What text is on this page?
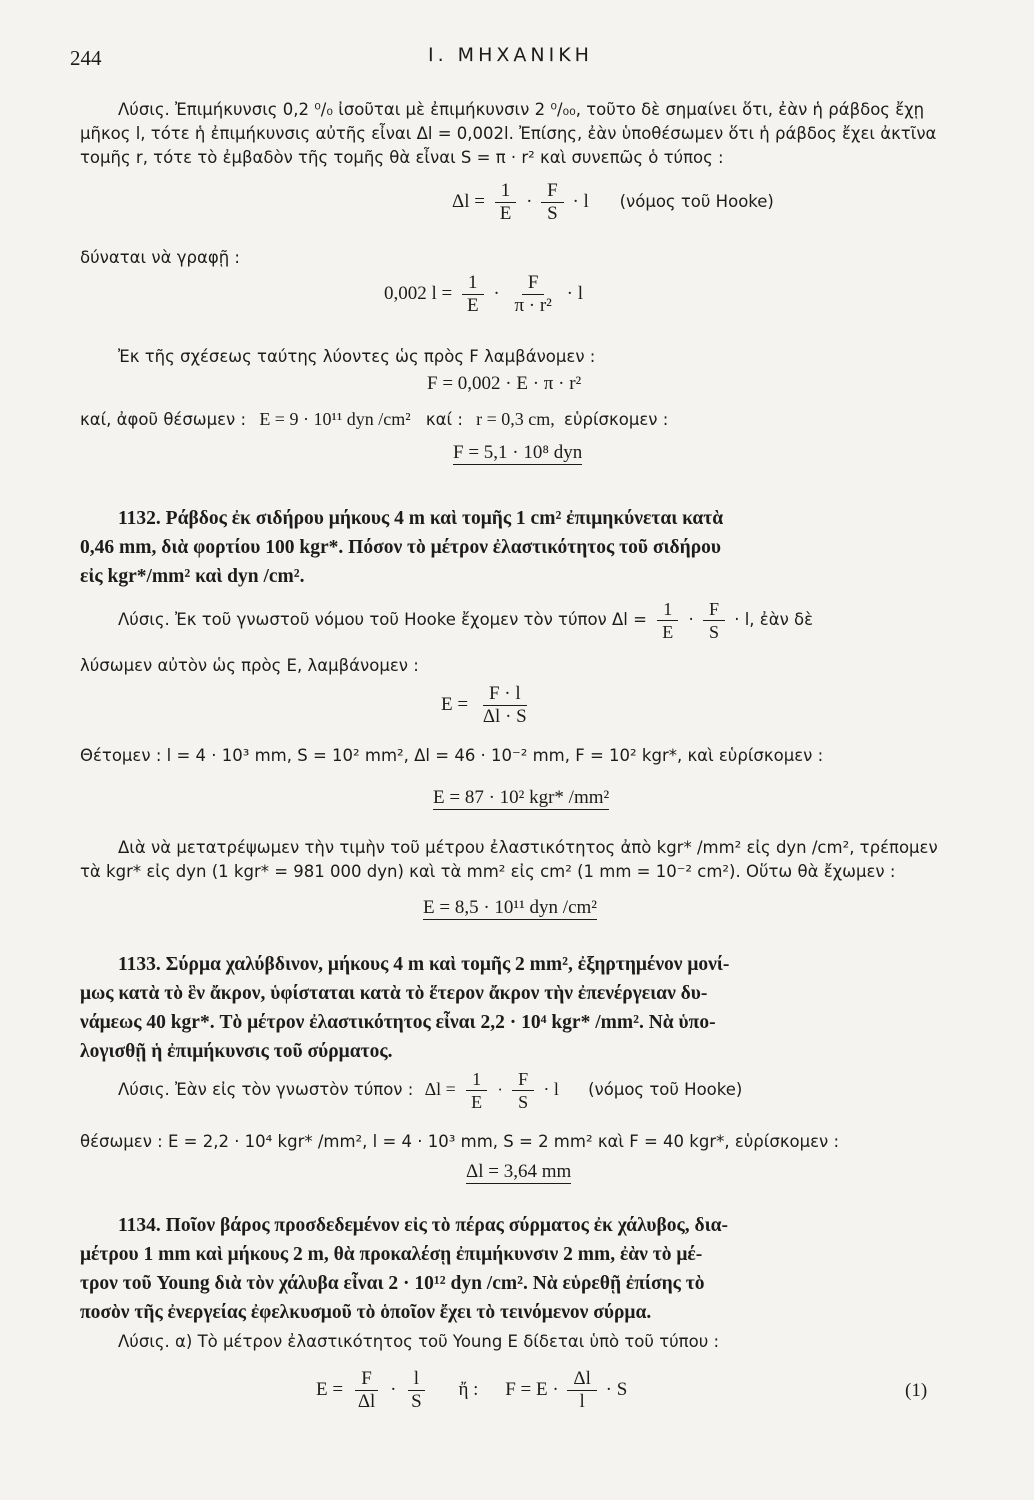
244	Ι. ΜΗΧΑΝΙΚΗ
Λύσις. Ἐπιμήκυνσις 0,2 ⁰/₀ ἰσοῦται μὲ ἐπιμήκυνσιν 2 ⁰/₀₀, τοῦτο δὲ σημαίνει ὅτι, ἐὰν ἡ ράβδος ἔχῃ
μῆκος l, τότε ἡ ἐπιμήκυνσις αὐτῆς εἶναι Δl = 0,002l. Ἐπίσης, ἐὰν ὑποθέσωμεν ὅτι ἡ ράβδος ἔχει ἀκτῖνα
τομῆς r, τότε τὸ ἐμβαδὸν τῆς τομῆς θὰ εἶναι S = π · r² καὶ συνεπῶς ὁ τύπος :
$\Delta l = \frac{1}{E} \cdot \frac{F}{S} \cdot l$ (νόμος τοῦ Hooke)
δύναται νὰ γραφῇ :
0,002 $l = \frac{1}{E} \cdot \frac{F}{\text{π · r²}} \cdot l$
Ἐκ τῆς σχέσεως ταύτης λύοντες ὡς πρὸς F λαμβάνομεν :
F = 0,002 · E · π · r²
καί, ἀφοῦ θέσωμεν : E = 9 · 10¹¹ dyn /cm² καί : r = 0,3 cm, εὑρίσκομεν :
F = 5,1 · 10⁸ dyn
1132. Ράβδος ἐκ σιδήρου μήκους 4 m καὶ τομῆς 1 cm² ἐπιμηκύνεται κατὰ
0,46 mm, διὰ φορτίου 100 kgr*. Πόσον τὸ μέτρον ἐλαστικότητος τοῦ σιδήρου
εἰς kgr*/mm² καὶ dyn /cm².
Λύσις. Ἐκ τοῦ γνωστοῦ νόμου τοῦ Hooke ἔχομεν τὸν τύπον $\Delta l = \frac{1}{E} \cdot \frac{F}{S} \cdot l$, ἐὰν δὲ
λύσωμεν αὐτὸν ὡς πρὸς E, λαμβάνομεν :
$E = \frac{F \cdot l}{\Delta l \cdot S}$
Θέτομεν : l = 4 · 10³ mm, S = 10² mm², Δl = 46 · 10⁻² mm, F = 10² kgr*, καὶ εὑρίσκομεν :
E = 87 · 10² kgr* /mm²
Διὰ νὰ μετατρέψωμεν τὴν τιμὴν τοῦ μέτρου ἐλαστικότητος ἀπὸ kgr* /mm² εἰς dyn /cm², τρέπομεν
τὰ kgr* εἰς dyn (1 kgr* = 981 000 dyn) καὶ τὰ mm² εἰς cm² (1 mm = 10⁻² cm²). Οὕτω θὰ ἔχωμεν :
E = 8,5 · 10¹¹ dyn /cm²
1133. Σύρμα χαλύβδινον, μήκους 4 m καὶ τομῆς 2 mm², ἐξηρτημένον μονί-
μως κατὰ τὸ ἓν ἄκρον, ὑφίσταται κατὰ τὸ ἕτερον ἄκρον τὴν ἐπενέργειαν δυ-
νάμεως 40 kgr*. Τὸ μέτρον ἐλαστικότητος εἶναι 2,2 · 10⁴ kgr* /mm². Νὰ ὑπο-
λογισθῇ ἡ ἐπιμήκυνσις τοῦ σύρματος.
Λύσις. Ἐὰν εἰς τὸν γνωστὸν τύπον : $\Delta l = \frac{1}{E} \cdot \frac{F}{S} \cdot l$ (νόμος τοῦ Hooke)
θέσωμεν : E = 2,2 · 10⁴ kgr* /mm², l = 4 · 10³ mm, S = 2 mm² καὶ F = 40 kgr*, εὑρίσκομεν :
Δl = 3,64 mm
1134. Ποῖον βάρος προσδεδεμένον εἰς τὸ πέρας σύρματος ἐκ χάλυβος, δια-
μέτρου 1 mm καὶ μήκους 2 m, θὰ προκαλέσῃ ἐπιμήκυνσιν 2 mm, ἐὰν τὸ μέ-
τρον τοῦ Young διὰ τὸν χάλυβα εἶναι 2 · 10¹² dyn /cm². Νὰ εὑρεθῇ ἐπίσης τὸ
ποσὸν τῆς ἐνεργείας ἐφελκυσμοῦ τὸ ὁποῖον ἔχει τὸ τεινόμενον σύρμα.
Λύσις. α) Τὸ μέτρον ἐλαστικότητος τοῦ Young E δίδεται ὑπὸ τοῦ τύπου :
$E = \frac{F}{\Delta l} \cdot \frac{l}{S}$ ἤ : $F = E \cdot \frac{\Delta l}{l} \cdot S$	(1)
